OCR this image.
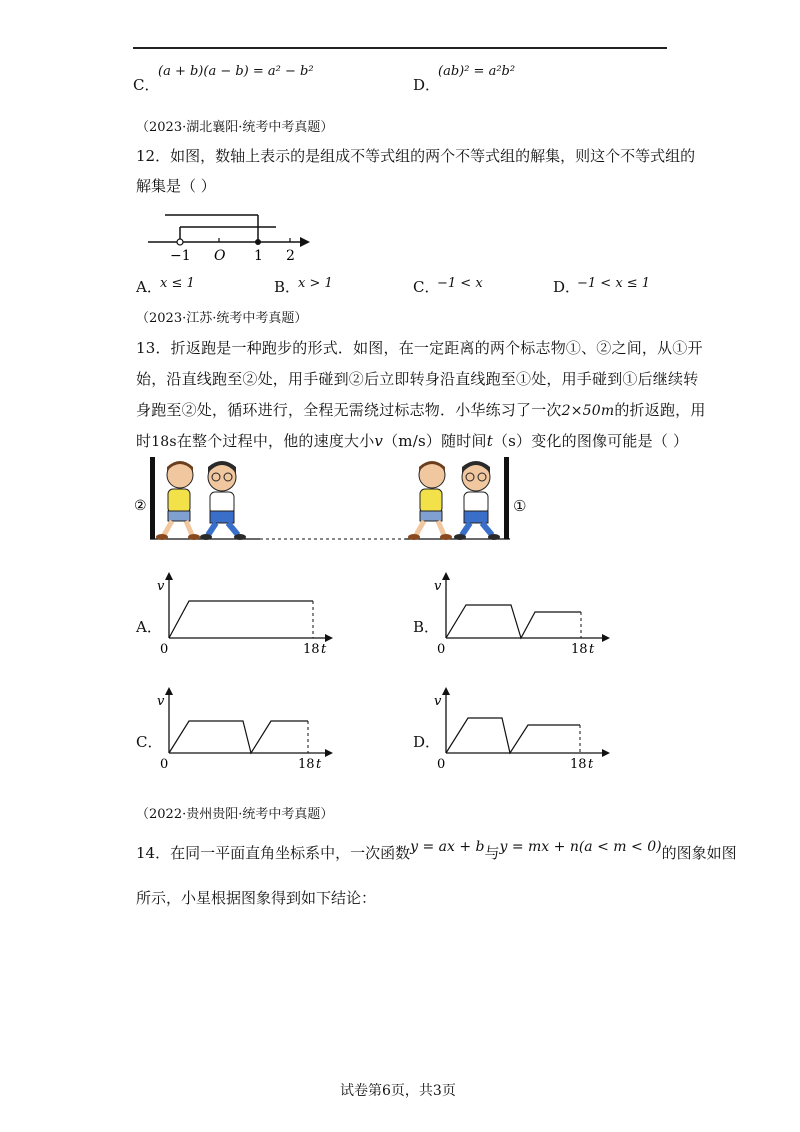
C．
(a + b)(a − b) = a² − b²
D．
(ab)² = a²b²
（2023·湖北襄阳·统考中考真题）
12．如图，数轴上表示的是组成不等式组的两个不等式组的解集，则这个不等式组的
解集是（ ）
−1 O 1 2
A．
x ≤ 1	B．
x > 1	C．
−1 < x	D．
−1 < x ≤ 1
（2023·江苏·统考中考真题）
13．折返跑是一种跑步的形式．如图，在一定距离的两个标志物①、②之间，从①开
始，沿直线跑至②处，用手碰到②后立即转身沿直线跑至①处，用手碰到①后继续转
身跑至②处，循环进行，全程无需绕过标志物．小华练习了一次2×50m的折返跑，用
时18s在整个过程中，他的速度大小v（m/s）随时间t（s）变化的图像可能是（ ）
②	①
A．
v
0	18 t
B．
v
0	18 t
C．
v
0	18 t
D．
v
0	18 t
（2022·贵州贵阳·统考中考真题）
14．在同一平面直角坐标系中，一次函数y = ax + b与y = mx + n(a < m < 0)的图象如图
所示，小星根据图象得到如下结论：
试卷第6页，共3页
